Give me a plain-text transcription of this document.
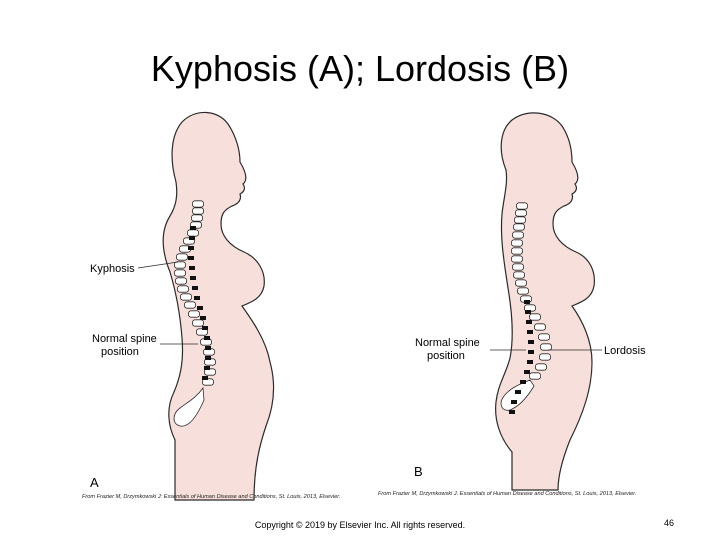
Kyphosis (A); Lordosis (B)
Kyphosis
Normal spine
position
A
From Frazier M, Drzymkowski J: Essentials of Human Disease and Conditions, St. Louis, 2013, Elsevier.
Normal spine
position	Lordosis
B
From Frazier M, Drzymkowski J. Essentials of Human Disease and Conditions, St. Louis, 2013, Elsevier.
Copyright © 2019 by Elsevier Inc. All rights reserved.	46
